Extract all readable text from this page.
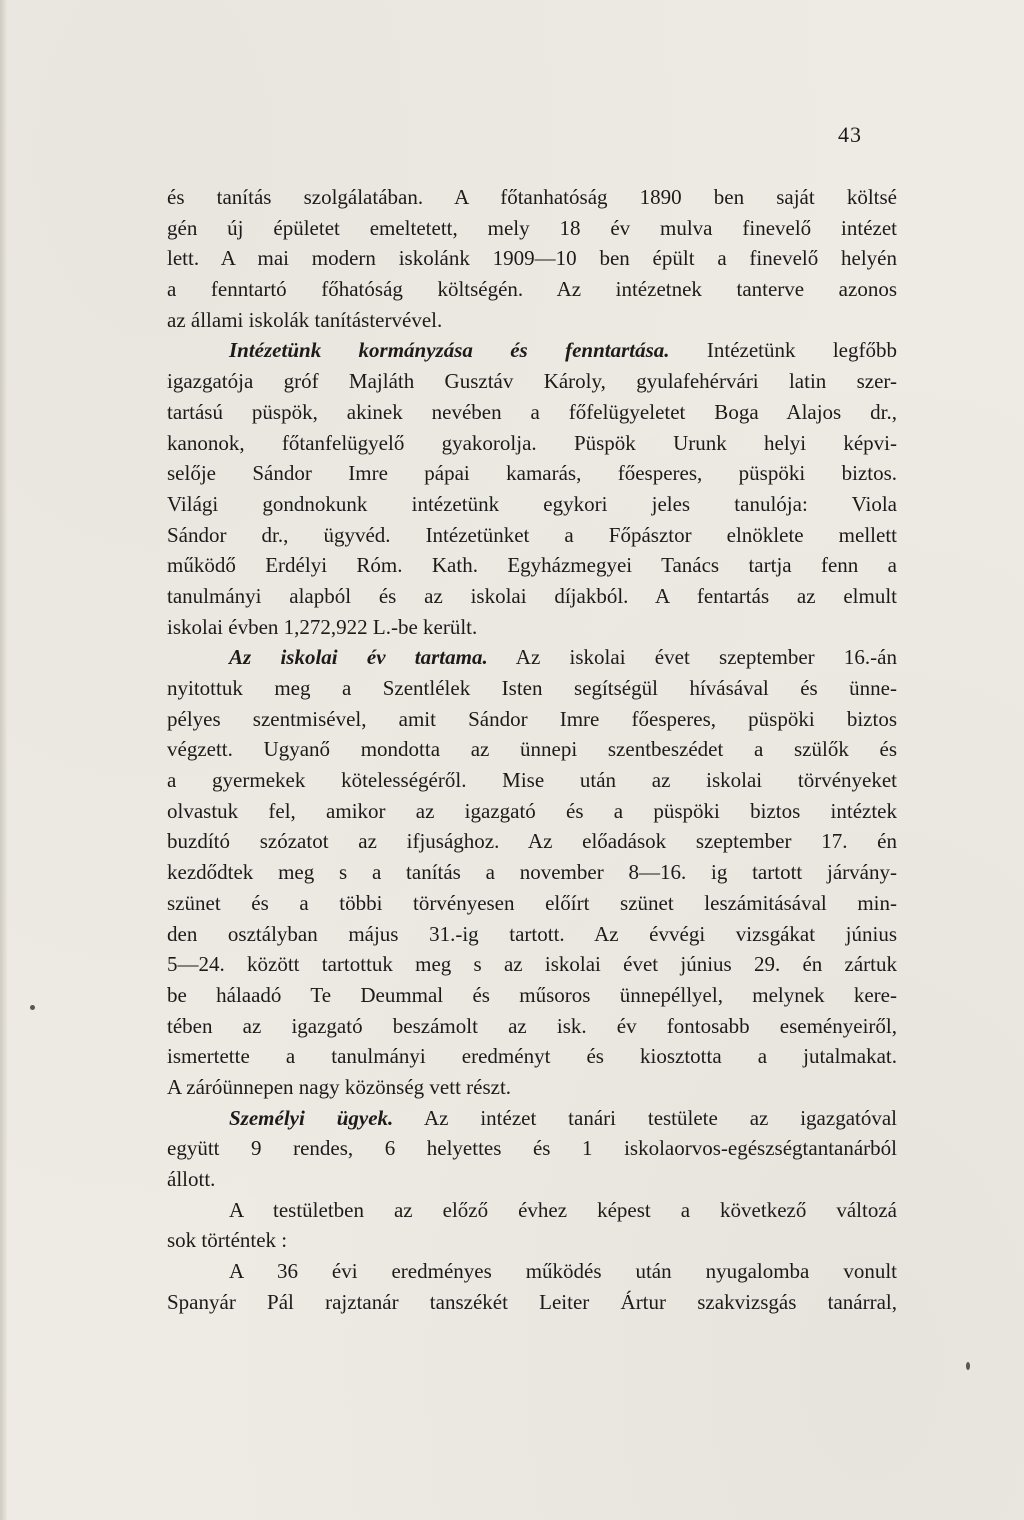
43
és tanítás szolgálatában. A főtanhatóság 1890 ben saját költsé
gén új épületet emeltetett, mely 18 év mulva finevelő intézet
lett. A mai modern iskolánk 1909—10 ben épült a finevelő helyén
a fenntartó főhatóság költségén. Az intézetnek tanterve azonos
az állami iskolák tanítástervével.
Intézetünk kormányzása és fenntartása. Intézetünk legfőbb
igazgatója gróf Majláth Gusztáv Károly, gyulafehérvári latin szer-
tartású püspök, akinek nevében a főfelügyeletet Boga Alajos dr.,
kanonok, főtanfelügyelő gyakorolja. Püspök Urunk helyi képvi-
selője Sándor Imre pápai kamarás, főesperes, püspöki biztos.
Világi gondnokunk intézetünk egykori jeles tanulója: Viola
Sándor dr., ügyvéd. Intézetünket a Főpásztor elnöklete mellett
működő Erdélyi Róm. Kath. Egyházmegyei Tanács tartja fenn a
tanulmányi alapból és az iskolai díjakból. A fentartás az elmult
iskolai évben 1,272,922 L.-be került.
Az iskolai év tartama. Az iskolai évet szeptember 16.-án
nyitottuk meg a Szentlélek Isten segítségül hívásával és ünne-
pélyes szentmisével, amit Sándor Imre főesperes, püspöki biztos
végzett. Ugyanő mondotta az ünnepi szentbeszédet a szülők és
a gyermekek kötelességéről. Mise után az iskolai törvényeket
olvastuk fel, amikor az igazgató és a püspöki biztos intéztek
buzdító szózatot az ifjusághoz. Az előadások szeptember 17. én
kezdődtek meg s a tanítás a november 8—16. ig tartott járvány-
szünet és a többi törvényesen előírt szünet leszámitásával min-
den osztályban május 31.-ig tartott. Az évvégi vizsgákat június
5—24. között tartottuk meg s az iskolai évet június 29. én zártuk
be hálaadó Te Deummal és műsoros ünnepéllyel, melynek kere-
tében az igazgató beszámolt az isk. év fontosabb eseményeiről,
ismertette a tanulmányi eredményt és kiosztotta a jutalmakat.
A záróünnepen nagy közönség vett részt.
Személyi ügyek. Az intézet tanári testülete az igazgatóval
együtt 9 rendes, 6 helyettes és 1 iskolaorvos-egészségtantanárból
állott.
A testületben az előző évhez képest a következő változá
sok történtek :
A 36 évi eredményes működés után nyugalomba vonult
Spanyár Pál rajztanár tanszékét Leiter Ártur szakvizsgás tanárral,
